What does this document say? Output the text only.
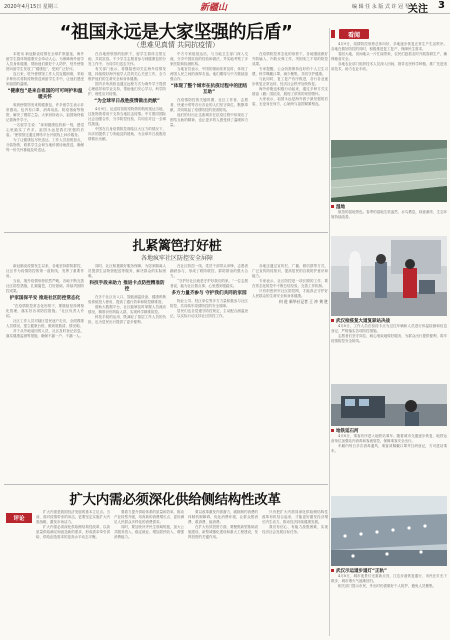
2020年4月15日 星期三	新疆山	编 辑 任 永 版 式 许 冠 琴
关注 3
“祖国永远是大家坚强的后盾”
（患难见真情 共同抗疫情）

本报讯 新冠肺炎疫情在全球扩散蔓延，海外留学生群体的健康安全牵动人心。为保障海外留学人员身体健康，帮助他们做好个人防护，驻外使领馆向留学生发放了“健康包”，受到广泛好评。

连日来，驻外使领馆工作人员克服困难，采取多种形式将防疫物资送到留学生手中，让他们感受到祖国的温暖。

“健康包”是来自祖国的可可呵护和温暖关怀

收到使领馆发来的健康包，许多留学生表示非常感动。包内有口罩、消毒用品、防疫指南等物资，解决了燃眉之急。大家纷纷表示，祖国始终惦记着海外学子。

一名留学生说：“拿到健康包的那一刻，感觉心里踏实了许多。祖国永远是我们坚强的后盾。”使领馆还通过网络平台开展线上问诊服务。

为了让健康包尽快送达，工作人员加班加点，分装物资，联系学生会和当地侨团协助派送，确保每一份关怀都能及时送达。

在各地使领馆的组织下，留学生群体互帮互助，共同抗疫。不少学生志愿者参与到健康包的分发工作中，为同学们送去关怀。

有关部门表示，将继续密切关注海外疫情发展，持续做好海外留学人员的关心关爱工作，全力维护他们的生命安全和身体健康。

国内多所高校也通过远程方式为海外学子提供心理疏导和学业支持，帮助他们安心学习，科学防护，理性应对疫情。

“为全球早日战胜疫情做出贡献”

4月9日，运送疫苗防疫物资的航班抵达当地，这批物资将用于支持当地抗击疫情。中方愿同国际社会加强合作，分享防控经验，共同应对这一全球性挑战。

中国在自身疫情防控面临巨大压力的情况下，向多国提供了力所能及的援助，为全球早日战胜疫情做出贡献。

中方专家组抵达后，与当地卫生部门深入交流，分享中国抗疫的经验和做法，并实地考察了多家医院和检测机构。

当地官员表示，中国的援助非常及时，体现了两国人民之间的深厚友谊。他们期待与中方继续加强合作。

“体现了整个城市在抗疫过程中的团结互助”

在疫情防控的关键时期，社区工作者、志愿者、快递小哥等各行各业的人们坚守岗位，默默奉献，共同筑起了疫情防控的坚固防线。

他们的付出让这座城市在抗疫过程中体现出了团结互助的精神，也让更多的人感受到了温暖和力量。

在疫情防控常态化的形势下，各地继续做好外防输入、内防反弹工作，巩固来之不易的防控成果。

专家提醒，公众仍需保持良好的个人卫生习惯，科学佩戴口罩，减少聚集，共同守护健康。

与此同时，复工复产有序推进，各行各业逐步恢复正常运转，经济社会秩序加快恢复。

海外侨胞也积极行动起来，通过多种方式支援祖（籍）国抗疫，展现了浓浓的家国情怀。

大家表示，祖国永远是海外游子最坚强的后盾，无论身在何方，心始终与祖国紧紧相连。

看闻

4月9日，疫情防控形势总体向好，多地逐步恢复正常生产生活秩序。各地在做好防控的同时，积极推进复工复产，保障民生需求。

春回大地，田间地头一片忙碌景象，农民们抢抓农时开展春耕生产，确保粮食安全。

各地农业部门组织技术人员深入田间，指导农民科学种植，推广先进适用技术，助力农业丰收。

湿地

航拍的湿地景色。春季的湿地生机盎然，水鸟栖息，绿意渐浓，生态环境持续改善。

武汉检疫复大道复驿站决战

4月8日，工作人员在检疫卡点为过往车辆和人员进行体温检测和信息登记，严格落实各项防控措施。

志愿者们坚守岗位，耐心细致地做好服务，为群众出行提供便利，筑牢疫情防控安全防线。

地铁延石河

4月8日，乘客有序进入地铁站乘车。随着城市交通逐步恢复，地铁运营单位加强站内消毒和客流管控，保障乘客安全出行。

车厢内每日多次消毒通风，乘客须佩戴口罩并扫码登记，方可进站乘车。

武汉示运道步道灯“正轨”

4月8日，城市夜景灯光重新点亮，江边步道恢复通行，市民在灯光下散步，城市烟火气逐渐回归。

相关部门提示市民，外出时仍需做好个人防护，避免人员聚集。

扎紧篱笆打好桩
各地疯牢社区防控安全屏障

新冠肺炎疫情发生以来，各地坚持群防群控，社区作为疫情防控的第一道防线，发挥了重要作用。

当前，境外疫情形势依然严峻，各地不断完善社区防控措施，扎紧篱笆，打好基础，持续巩固防控成果。

护家国保平安 推进社区防控常态化

“在疫情防控常态化形势下，要继续坚持网格化管理，落实好各项防控措施。”社区负责人介绍。

社区工作人员对辖区居民逐户走访，全面摸排人员情况，建立健康台账，做到底数清、情况明。

对于从外地返回的人员，社区及时登记信息，落实健康监测等措施，确保不漏一户、不漏一人。

同时，社区积极做好服务保障，为居家隔离人员提供生活物资配送等服务，解决群众的实际困难。

科技手段来助力 推进卡点防控精准防控

在多个社区出入口，智能测温设备、健康码核验系统投入使用，提高了通行效率和防控精准度。

借助大数据平台，社区能够及时掌握人员流动情况，精准识别风险人群，实现科学精准防控。

科技手段的运用，既减轻了基层工作人员的负担，也为居民出行提供了更多便利。

在社区防控一线，党员干部带头冲锋，志愿者踊跃参与，形成了联防联控、群防群治的强大合力。

“守护好社区就是守护好我们的家。”一位志愿者说，能为社区做点事，心里感到很踏实。

多方力量齐参与 守护我们共同的家园

物业公司、驻区单位等多方力量积极参与社区防控，共同筑牢疫情防控的安全屏障。

居民们也自觉遵守防控规定，主动配合测温登记，以实际行动支持社区防控工作。

各地还通过宣传栏、广播、微信群等方式，广泛宣传防疫知识，提高居民的自我防护意识和能力。

专家表示，社区防控是一项长期的工作，要在常态化防控中不断总结经验，完善工作机制。

只有织密织牢社区防控网，才能真正守护好人民群众的生命安全和身体健康。

何 进 新华社记者 王 冲 黄 胜
扩大内需必须深化供给侧结构性改革
评论

扩大内需是我国经济发展的基本立足点。当前，面对疫情带来的冲击，更要坚定实施扩大内需战略，激发市场活力。

扩大内需必须深化供给侧结构性改革，以高质量供给满足和创造新的需求，形成需求牵引供给、供给创造需求的更高水平动态平衡。

要着力提升供给体系的质量和效率，推动产业转型升级，培育新的消费增长点，更好满足人民群众多样化的消费需求。

同时，要加快补齐民生领域短板，加大公共服务投入，稳定就业，增加居民收入，增强消费能力。

要以改革激发内需潜力，破除制约消费的体制机制障碍，优化消费环境，让群众愿消费、敢消费、能消费。

在扩大有效投资方面，要聚焦新型基础设施建设、新型城镇化建设和重大工程建设，发挥投资的关键作用。

只有把扩大内需同深化供给侧结构性改革有机结合起来，才能更好激发经济增长内生动力，推动经济持续健康发展。

我们有信心、有能力战胜困难，实现经济社会发展目标任务。
